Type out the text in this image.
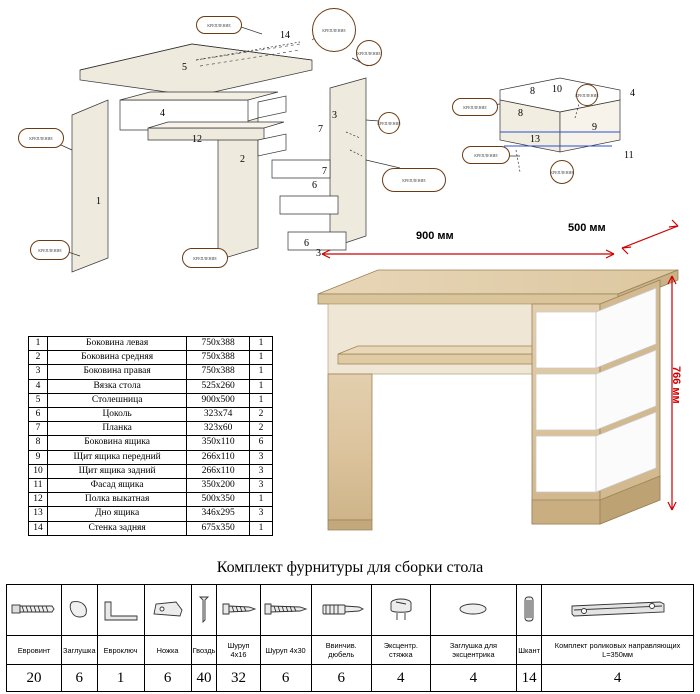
1
2
3
4
5
6
7
7
6
12
14
3
8
8
9
10
11
13
4
КРЕПЛЕНИЕ
КРЕПЛЕНИЕ
КРЕПЛЕНИЕ
КРЕПЛЕНИЕ
КРЕПЛЕНИЕ
КРЕПЛЕНИЕ
КРЕПЛЕНИЕ
КРЕПЛЕНИЕ
КРЕПЛЕНИЕ
КРЕПЛЕНИЕ
КРЕПЛЕНИЕ
КРЕПЛЕНИЕ
1	Боковина левая	750х388	1
2	Боковина средняя	750х388	1
3	Боковина правая	750х388	1
4	Вязка стола	525х260	1
5	Столешница	900х500	1
6	Цоколь	323х74	2
7	Планка	323х60	2
8	Боковина ящика	350х110	6
9	Щит ящика передний	266х110	3
10	Щит ящика задний	266х110	3
11	Фасад ящика	350х200	3
12	Полка выкатная	500х350	1
13	Дно ящика	346х295	3
14	Стенка задняя	675х350	1
900 мм
500 мм
766 мм
Комплект фурнитуры для сборки стола

Евровинт	Заглушка	Евроключ	Ножка	Гвоздь	Шуруп 4х16	Шуруп 4х30	Ввинчив. дюбель	Эксцентр. стяжка	Заглушка для эксцентрика	Шкант	Комплект роликовых направляющих L=350мм
20	6	1	6	40	32	6	6	4	4	14	4
